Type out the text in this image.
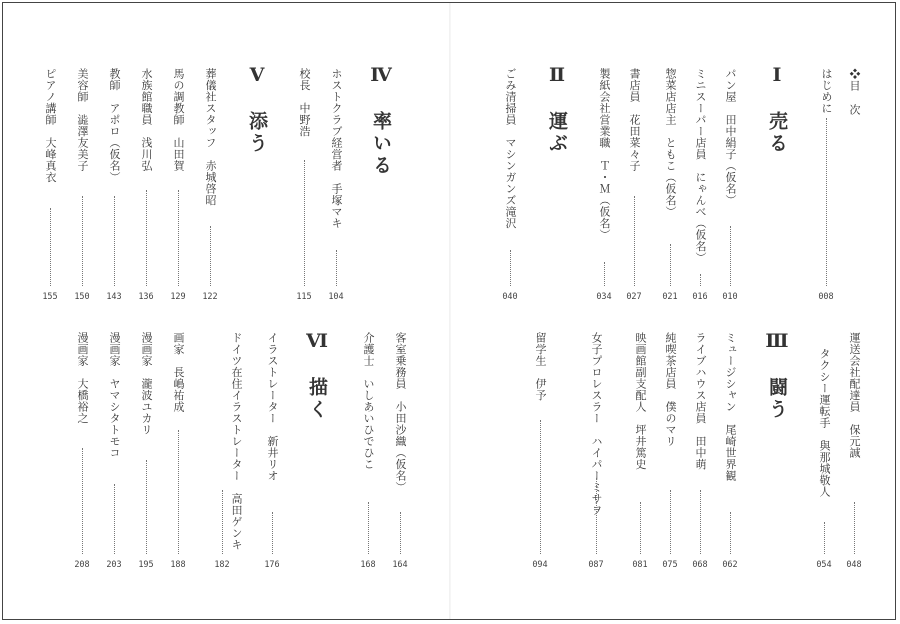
❖目　次
はじめに
008
Ⅰ　売る
パン屋　田中絹子（仮名）
010
ミニスーパー店員　にゃんべ（仮名）
016
惣菜店店主　ともこ（仮名）
021
書店員　花田菜々子
027
製紙会社営業職　Ｔ・Ｍ（仮名）
034
Ⅱ　運ぶ
ごみ清掃員　マシンガンズ滝沢
040
Ⅳ　率いる
ホストクラブ経営者　手塚マキ
104
校長　中野浩
115
Ⅴ　添う
葬儀社スタッフ　赤城啓昭
122
馬の調教師　山田賀
129
水族館職員　浅川弘
136
教師　アポロ（仮名）
143
美容師　澁澤友美子
150
ピアノ講師　大峰真衣
155
運送会社配達員　保元誠
048
タクシー運転手　與那城敬人
054
Ⅲ　闘う
ミュージシャン　尾崎世界観
062
ライブハウス店員　田中萌
068
純喫茶店員　僕のマリ
075
映画館副支配人　坪井篤史
081
女子プロレスラー　ハイパーミサヲ
087
留学生　伊予
094
客室乗務員　小田沙織（仮名）
164
介護士　いしあいひでひこ
168
Ⅵ　描く
イラストレーター　新井リオ
176
ドイツ在住イラストレーター　高田ゲンキ
182
画家　長嶋祐成
188
漫画家　瀧波ユカリ
195
漫画家　ヤマシタトモコ
203
漫画家　大橋裕之
208
